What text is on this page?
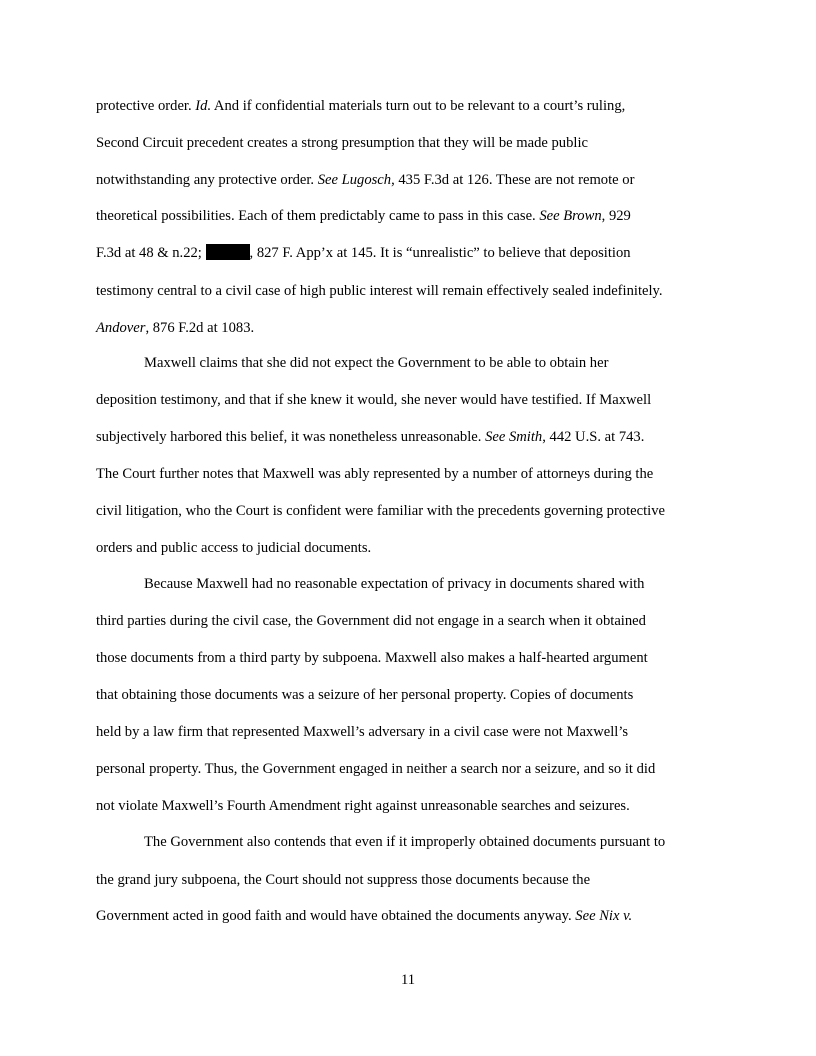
protective order. Id. And if confidential materials turn out to be relevant to a court’s ruling,
Second Circuit precedent creates a strong presumption that they will be made public
notwithstanding any protective order. See Lugosch, 435 F.3d at 126. These are not remote or
theoretical possibilities. Each of them predictably came to pass in this case. See Brown, 929
F.3d at 48 & n.22;	, 827 F. App’x at 145. It is “unrealistic” to believe that deposition
testimony central to a civil case of high public interest will remain effectively sealed indefinitely.
Andover, 876 F.2d at 1083.
Maxwell claims that she did not expect the Government to be able to obtain her
deposition testimony, and that if she knew it would, she never would have testified. If Maxwell
subjectively harbored this belief, it was nonetheless unreasonable. See Smith, 442 U.S. at 743.
The Court further notes that Maxwell was ably represented by a number of attorneys during the
civil litigation, who the Court is confident were familiar with the precedents governing protective
orders and public access to judicial documents.
Because Maxwell had no reasonable expectation of privacy in documents shared with
third parties during the civil case, the Government did not engage in a search when it obtained
those documents from a third party by subpoena. Maxwell also makes a half-hearted argument
that obtaining those documents was a seizure of her personal property. Copies of documents
held by a law firm that represented Maxwell’s adversary in a civil case were not Maxwell’s
personal property. Thus, the Government engaged in neither a search nor a seizure, and so it did
not violate Maxwell’s Fourth Amendment right against unreasonable searches and seizures.
The Government also contends that even if it improperly obtained documents pursuant to
the grand jury subpoena, the Court should not suppress those documents because the
Government acted in good faith and would have obtained the documents anyway. See Nix v.
11
